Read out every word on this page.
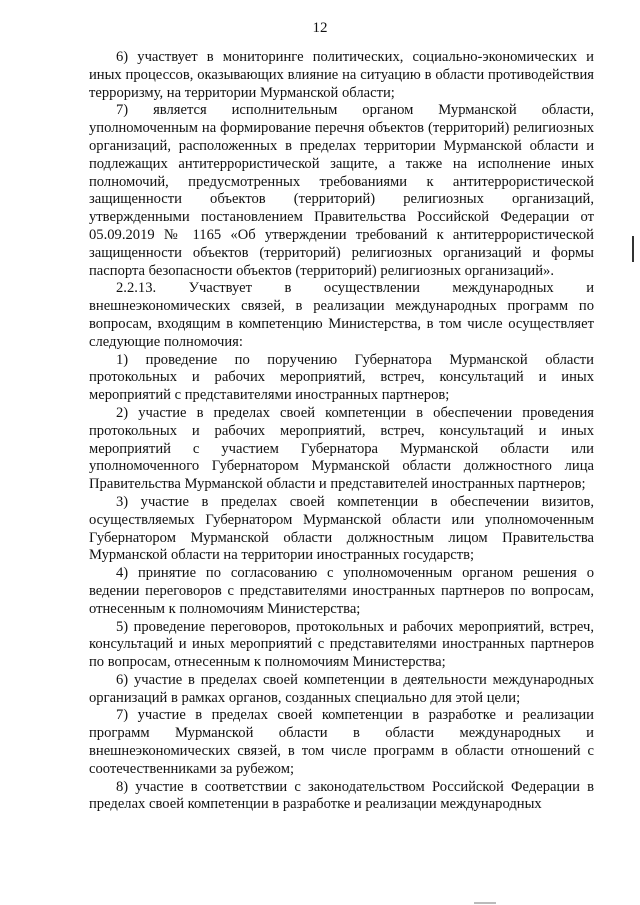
12

6) участвует в мониторинге политических, социально-экономических и иных процессов, оказывающих влияние на ситуацию в области противодействия терроризму, на территории Мурманской области;

7) является исполнительным органом Мурманской области, уполномоченным на формирование перечня объектов (территорий) религиозных организаций, расположенных в пределах территории Мурманской области и подлежащих антитеррористической защите, а также на исполнение иных полномочий, предусмотренных требованиями к антитеррористической защищенности объектов (территорий) религиозных организаций, утвержденными постановлением Правительства Российской Федерации от 05.09.2019 № 1165 «Об утверждении требований к антитеррористической защищенности объектов (территорий) религиозных организаций и формы паспорта безопасности объектов (территорий) религиозных организаций».

2.2.13. Участвует в осуществлении международных и внешнеэкономических связей, в реализации международных программ по вопросам, входящим в компетенцию Министерства, в том числе осуществляет следующие полномочия:

1) проведение по поручению Губернатора Мурманской области протокольных и рабочих мероприятий, встреч, консультаций и иных мероприятий с представителями иностранных партнеров;

2) участие в пределах своей компетенции в обеспечении проведения протокольных и рабочих мероприятий, встреч, консультаций и иных мероприятий с участием Губернатора Мурманской области или уполномоченного Губернатором Мурманской области должностного лица Правительства Мурманской области и представителей иностранных партнеров;

3) участие в пределах своей компетенции в обеспечении визитов, осуществляемых Губернатором Мурманской области или уполномоченным Губернатором Мурманской области должностным лицом Правительства Мурманской области на территории иностранных государств;

4) принятие по согласованию с уполномоченным органом решения о ведении переговоров с представителями иностранных партнеров по вопросам, отнесенным к полномочиям Министерства;

5) проведение переговоров, протокольных и рабочих мероприятий, встреч, консультаций и иных мероприятий с представителями иностранных партнеров по вопросам, отнесенным к полномочиям Министерства;

6) участие в пределах своей компетенции в деятельности международных организаций в рамках органов, созданных специально для этой цели;

7) участие в пределах своей компетенции в разработке и реализации программ Мурманской области в области международных и внешнеэкономических связей, в том числе программ в области отношений с соотечественниками за рубежом;

8) участие в соответствии с законодательством Российской Федерации в пределах своей компетенции в разработке и реализации международных
